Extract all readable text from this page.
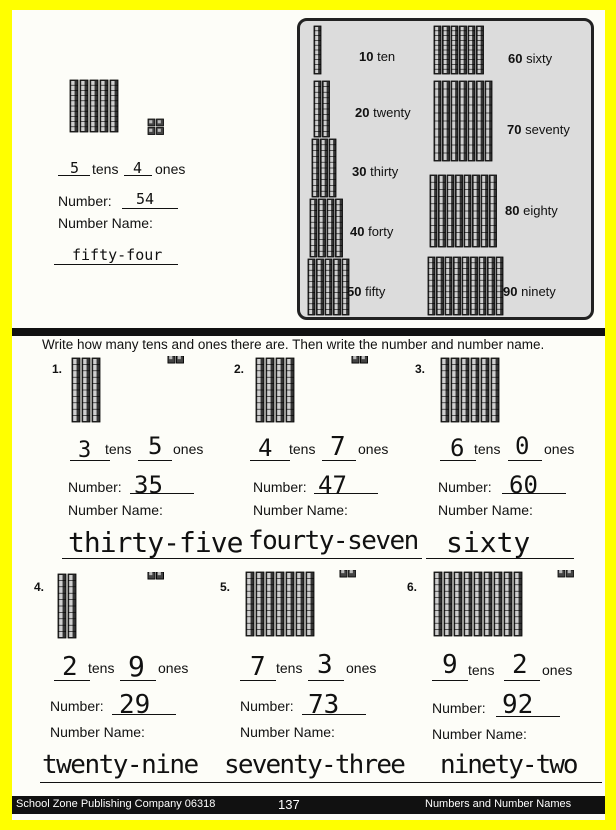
5 tens 4 ones
Number: 54
Number Name:
fifty-four
10 ten
20 twenty
30 thirty
40 forty
50 fifty
60 sixty
70 seventy
80 eighty
90 ninety
Write how many tens and ones there are. Then write the number and number name.
1.
3 tens 5 ones
Number: 35
Number Name:
thirty-five
2.
4 tens 7 ones
Number: 47
Number Name:
fourty-seven
3.
6 tens 0 ones
Number: 60
Number Name:
sixty
4.
2 tens 9 ones
Number: 29
Number Name:
twenty-nine
5.
7 tens 3 ones
Number: 73
Number Name:
seventy-three
6.
9 tens 2 ones
Number: 92
Number Name:
ninety-two
School Zone Publishing Company 06318	137	Numbers and Number Names
